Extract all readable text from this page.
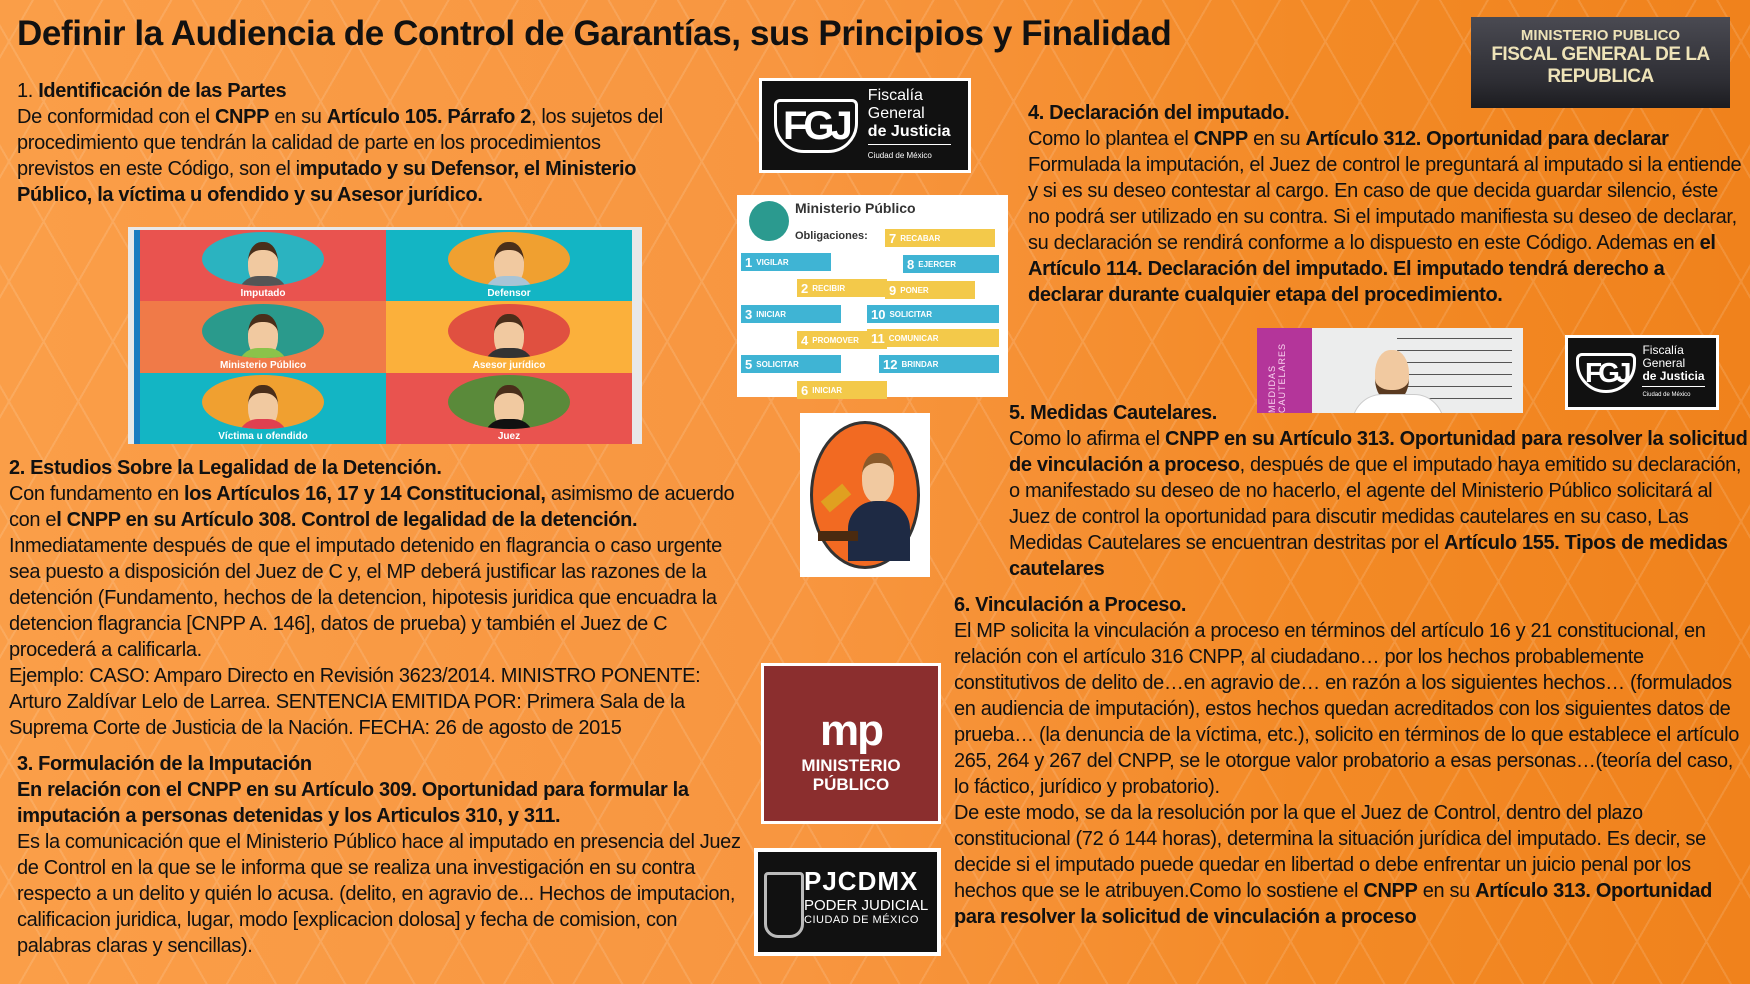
Definir la Audiencia de Control de Garantías, sus Principios y Finalidad
1. Identificación de las Partes
De conformidad con el CNPP en su Artículo 105. Párrafo 2, los sujetos del procedimiento que tendrán la calidad de parte en los procedimientos previstos en este Código, son el imputado y su Defensor, el Ministerio Público, la víctima u ofendido y su Asesor jurídico.
Imputado	Defensor
Ministerio Público	Asesor jurídico
Víctima u ofendido	Juez
2. Estudios Sobre la Legalidad de la Detención.
Con fundamento en los Artículos 16, 17 y 14 Constitucional, asimismo de acuerdo con el CNPP en su Artículo 308. Control de legalidad de la detención. Inmediatamente después de que el imputado detenido en flagrancia o caso urgente sea puesto a disposición del Juez de C y, el MP deberá justificar las razones de la detención (Fundamento, hechos de la detencion, hipotesis juridica que encuadra la detencion flagrancia [CNPP A. 146], datos de prueba) y también el Juez de C procederá a calificarla.
Ejemplo: CASO: Amparo Directo en Revisión 3623/2014. MINISTRO PONENTE: Arturo Zaldívar Lelo de Larrea. SENTENCIA EMITIDA POR: Primera Sala de la Suprema Corte de Justicia de la Nación. FECHA: 26 de agosto de 2015
3. Formulación de la Imputación
En relación con el CNPP en su Artículo 309. Oportunidad para formular la imputación a personas detenidas y los Articulos 310, y 311.
Es la comunicación que el Ministerio Público hace al imputado en presencia del Juez de Control en la que se le informa que se realiza una investigación en su contra respecto a un delito y quién lo acusa. (delito, en agravio de... Hechos de imputacion, calificacion juridica, lugar, modo [explicacion dolosa] y fecha de comision, con palabras claras y sencillas).
FGJ
Fiscalía
General
de Justicia
Ciudad de México
Ministerio Público
Obligaciones:
1 VIGILAR
2 RECIBIR
3 INICIAR
4 PROMOVER
5 SOLICITAR
6 INICIAR
7 RECABAR
8 EJERCER
9 PONER
10 SOLICITAR
11 COMUNICAR
12 BRINDAR
mp
MINISTERIO
PÚBLICO
PJCDMX
PODER JUDICIAL
CIUDAD DE MÉXICO
MINISTERIO PUBLICO
FISCAL GENERAL DE LA REPUBLICA
4. Declaración del imputado.
Como lo plantea el CNPP en su Artículo 312. Oportunidad para declarar Formulada la imputación, el Juez de control le preguntará al imputado si la entiende y si es su deseo contestar al cargo. En caso de que decida guardar silencio, éste no podrá ser utilizado en su contra. Si el imputado manifiesta su deseo de declarar, su declaración se rendirá conforme a lo dispuesto en este Código. Ademas en el Artículo 114. Declaración del imputado. El imputado tendrá derecho a declarar durante cualquier etapa del procedimiento.
MEDIDAS CAUTELARES	FGJ
Fiscalía
General
de Justicia
Ciudad de México
5. Medidas Cautelares.
Como lo afirma el CNPP en su Artículo 313. Oportunidad para resolver la solicitud de vinculación a proceso, después de que el imputado haya emitido su declaración, o manifestado su deseo de no hacerlo, el agente del Ministerio Público solicitará al Juez de control la oportunidad para discutir medidas cautelares en su caso, Las Medidas Cautelares se encuentran destritas por el Artículo 155. Tipos de medidas cautelares
6. Vinculación a Proceso.
El MP solicita la vinculación a proceso en términos del artículo 16 y 21 constitucional, en relación con el artículo 316 CNPP, al ciudadano… por los hechos probablemente constitutivos de delito de…en agravio de… en razón a los siguientes hechos… (formulados en audiencia de imputación), estos hechos quedan acreditados con los siguientes datos de prueba… (la denuncia de la víctima, etc.), solicito en términos de lo que establece el artículo 265, 264 y 267 del CNPP, se le otorgue valor probatorio a esas personas…(teoría del caso, lo fáctico, jurídico y probatorio).
De este modo, se da la resolución por la que el Juez de Control, dentro del plazo constitucional (72 ó 144 horas), determina la situación jurídica del imputado. Es decir, se decide si el imputado puede quedar en libertad o debe enfrentar un juicio penal por los hechos que se le atribuyen.Como lo sostiene el CNPP en su Artículo 313. Oportunidad para resolver la solicitud de vinculación a proceso
